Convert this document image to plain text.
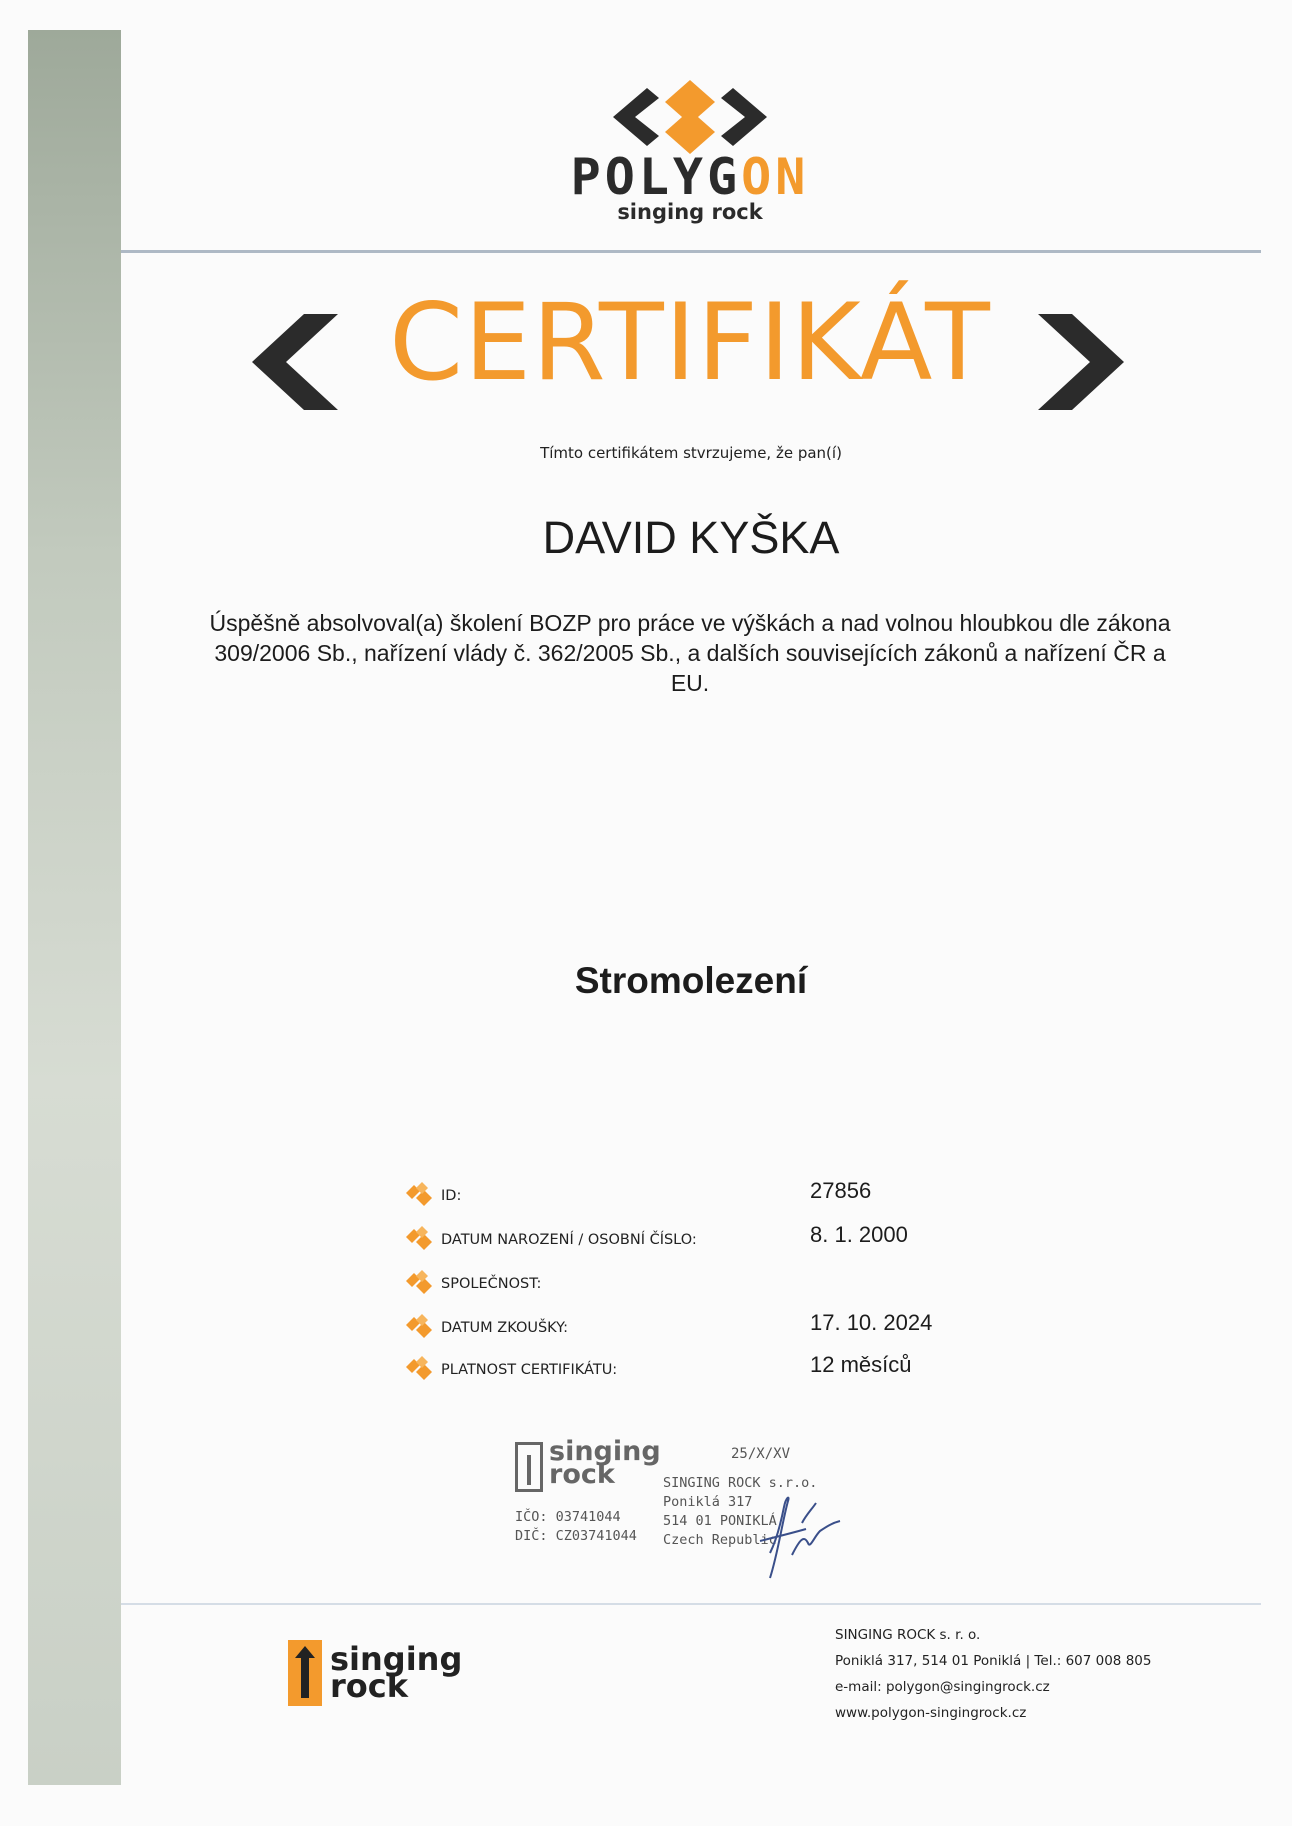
POLYGON
singing rock
CERTIFIKÁT
Tímto certifikátem stvrzujeme, že pan(í)
DAVID KYŠKA
Úspěšně absolvoval(a) školení BOZP pro práce ve výškách a nad volnou hloubkou dle zákona 309/2006 Sb., nařízení vlády č. 362/2005 Sb., a dalších souvisejících zákonů a nařízení ČR a EU.
Stromolezení
ID:	27856
DATUM NAROZENÍ / OSOBNÍ ČÍSLO:	8. 1. 2000
SPOLEČNOST:
DATUM ZKOUŠKY:	17. 10. 2024
PLATNOST CERTIFIKÁTU:	12 měsíců
singing
rock
25/X/XV
SINGING ROCK s.r.o.
Poniklá 317
514 01 PONIKLÁ
Czech Republic
IČO: 03741044
DIČ: CZ03741044
singing
rock
SINGING ROCK s. r. o.
Poniklá 317, 514 01 Poniklá | Tel.: 607 008 805
e-mail: polygon@singingrock.cz
www.polygon-singingrock.cz
